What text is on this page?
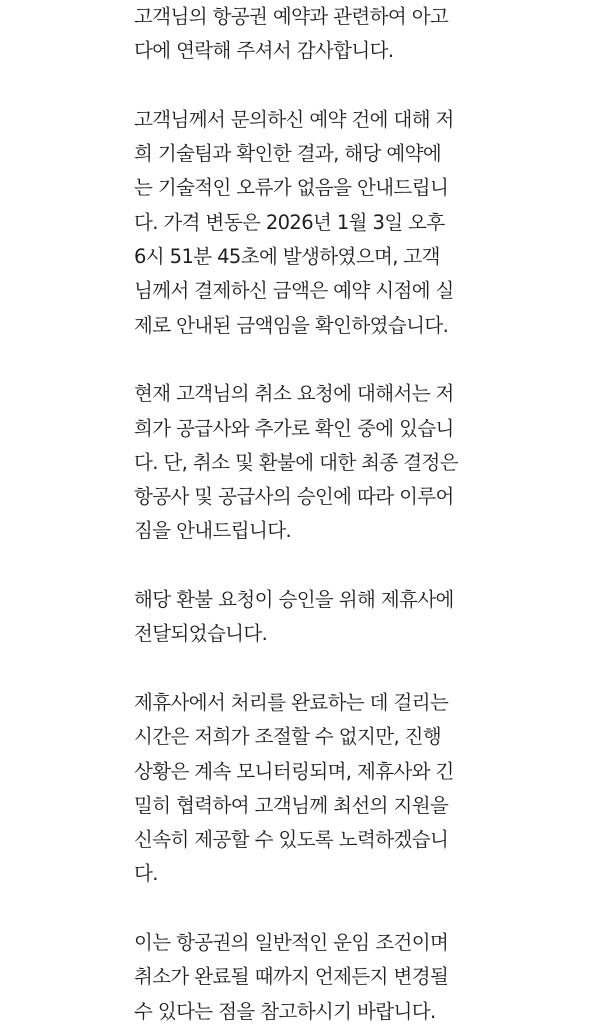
고객님의 항공권 예약과 관련하여 아고
다에 연락해 주셔서 감사합니다.
고객님께서 문의하신 예약 건에 대해 저
희 기술팀과 확인한 결과, 해당 예약에
는 기술적인 오류가 없음을 안내드립니
다. 가격 변동은 2026년 1월 3일 오후
6시 51분 45초에 발생하였으며, 고객
님께서 결제하신 금액은 예약 시점에 실
제로 안내된 금액임을 확인하였습니다.
현재 고객님의 취소 요청에 대해서는 저
희가 공급사와 추가로 확인 중에 있습니
다. 단, 취소 및 환불에 대한 최종 결정은
항공사 및 공급사의 승인에 따라 이루어
짐을 안내드립니다.
해당 환불 요청이 승인을 위해 제휴사에
전달되었습니다.
제휴사에서 처리를 완료하는 데 걸리는
시간은 저희가 조절할 수 없지만, 진행
상황은 계속 모니터링되며, 제휴사와 긴
밀히 협력하여 고객님께 최선의 지원을
신속히 제공할 수 있도록 노력하겠습니
다.
이는 항공권의 일반적인 운임 조건이며
취소가 완료될 때까지 언제든지 변경될
수 있다는 점을 참고하시기 바랍니다.
